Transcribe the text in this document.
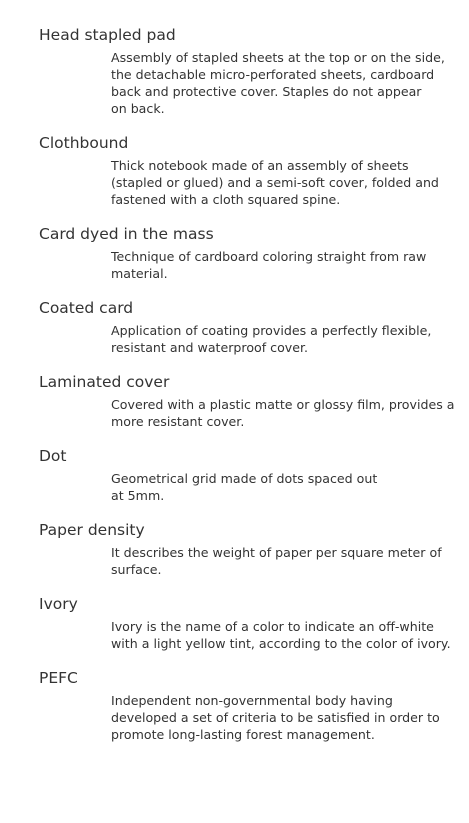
Head stapled pad
Assembly of stapled sheets at the top or on the side,
the detachable micro-perforated sheets, cardboard
back and protective cover. Staples do not appear
on back.
Clothbound
Thick notebook made of an assembly of sheets
(stapled or glued) and a semi-soft cover, folded and
fastened with a cloth squared spine.
Card dyed in the mass
Technique of cardboard coloring straight from raw
material.
Coated card
Application of coating provides a perfectly flexible,
resistant and waterproof cover.
Laminated cover
Covered with a plastic matte or glossy film, provides a
more resistant cover.
Dot
Geometrical grid made of dots spaced out
at 5mm.
Paper density
It describes the weight of paper per square meter of
surface.
Ivory
Ivory is the name of a color to indicate an off-white
with a light yellow tint, according to the color of ivory.
PEFC
Independent non-governmental body having
developed a set of criteria to be satisfied in order to
promote long-lasting forest management.
